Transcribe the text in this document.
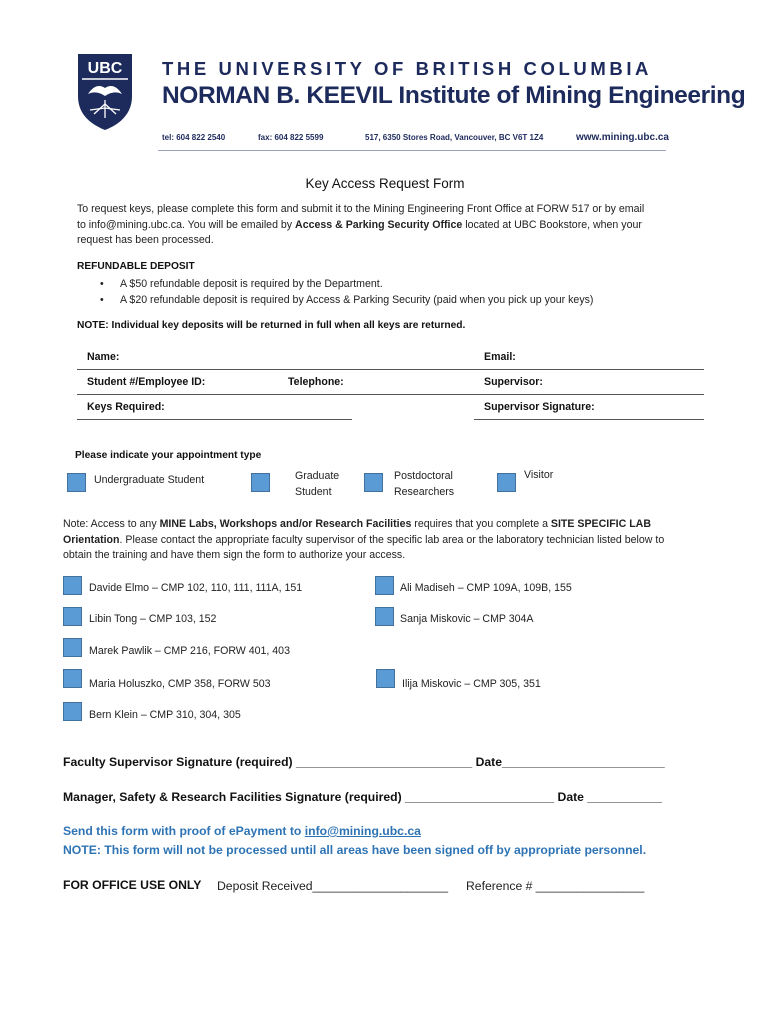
UBC THE UNIVERSITY OF BRITISH COLUMBIA
NORMAN B. KEEVIL Institute of Mining Engineering
tel: 604 822 2540	fax: 604 822 5599	517, 6350 Stores Road, Vancouver, BC V6T 1Z4	www.mining.ubc.ca
Key Access Request Form
To request keys, please complete this form and submit it to the Mining Engineering Front Office at FORW 517 or by email to info@mining.ubc.ca. You will be emailed by Access & Parking Security Office located at UBC Bookstore, when your request has been processed.
REFUNDABLE DEPOSIT
• A $50 refundable deposit is required by the Department.
• A $20 refundable deposit is required by Access & Parking Security (paid when you pick up your keys)
NOTE: Individual key deposits will be returned in full when all keys are returned.
Name:	Email:
Student #/Employee ID:	Telephone:	Supervisor:
Keys Required:	Supervisor Signature:
Please indicate your appointment type
Undergraduate Student	Graduate
Student
Postdoctoral
Researchers
Visitor
Note: Access to any MINE Labs, Workshops and/or Research Facilities requires that you complete a SITE SPECIFIC LAB Orientation. Please contact the appropriate faculty supervisor of the specific lab area or the laboratory technician listed below to obtain the training and have them sign the form to authorize your access.
Davide Elmo – CMP 102, 110, 111, 111A, 151	Ali Madiseh – CMP 109A, 109B, 155
Libin Tong – CMP 103, 152	Sanja Miskovic – CMP 304A
Marek Pawlik – CMP 216, FORW 401, 403
Maria Holuszko, CMP 358, FORW 503	Ilija Miskovic – CMP 305, 351
Bern Klein – CMP 310, 304, 305
Faculty Supervisor Signature (required) __________________________ Date________________________
Manager, Safety & Research Facilities Signature (required) ______________________ Date ___________
Send this form with proof of ePayment to info@mining.ubc.ca
NOTE: This form will not be processed until all areas have been signed off by appropriate personnel.
FOR OFFICE USE ONLY Deposit Received____________________ Reference # ________________
